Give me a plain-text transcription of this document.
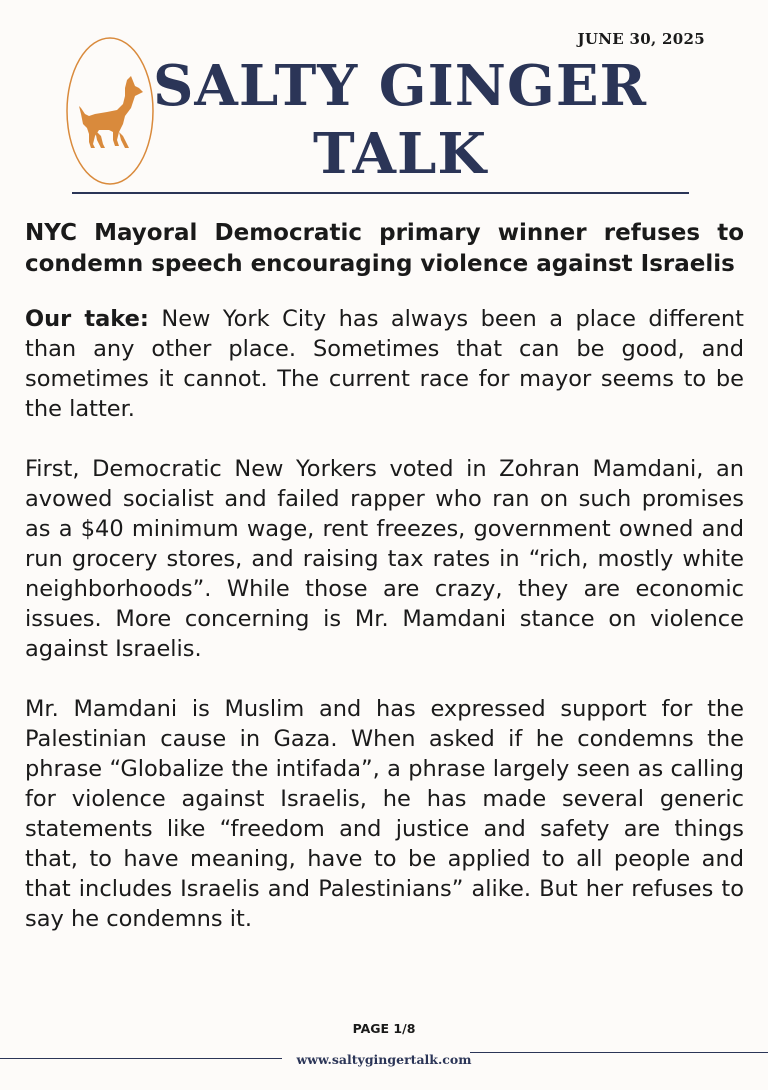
JUNE 30, 2025
SALTY GINGER
TALK
NYC Mayoral Democratic primary winner refuses to condemn speech encouraging violence against Israelis
Our take: New York City has always been a place different than any other place. Sometimes that can be good, and sometimes it cannot. The current race for mayor seems to be the latter.
First, Democratic New Yorkers voted in Zohran Mamdani, an avowed socialist and failed rapper who ran on such promises as a $40 minimum wage, rent freezes, government owned and run grocery stores, and raising tax rates in “rich, mostly white neighborhoods”. While those are crazy, they are economic issues. More concerning is Mr. Mamdani stance on violence against Israelis.
Mr. Mamdani is Muslim and has expressed support for the Palestinian cause in Gaza. When asked if he condemns the phrase “Globalize the intifada”, a phrase largely seen as calling for violence against Israelis, he has made several generic statements like “freedom and justice and safety are things that, to have meaning, have to be applied to all people and that includes Israelis and Palestinians” alike. But her refuses to say he condemns it.
PAGE 1/8
www.saltygingertalk.com
